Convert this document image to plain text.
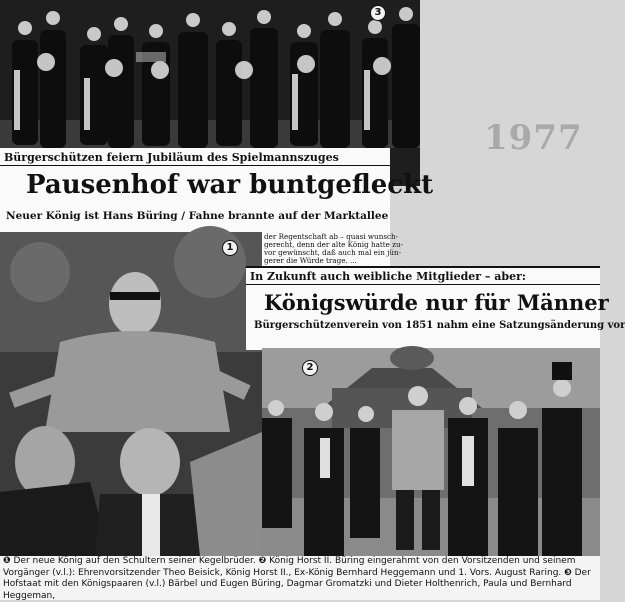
3
1977
Bürgerschützen feiern Jubiläum des Spielmannszuges
Pausenhof war buntgefleckt
Neuer König ist Hans Büring / Fahne brannte auf der Marktallee
1
der Regentschaft ab – quasi wunsch-
gerecht, denn der alte König hatte zu-
vor gewünscht, daß auch mal ein jün-
gerer die Würde trage. ...
In Zukunft auch weibliche Mitglieder – aber:
Königswürde nur für Männer
Bürgerschützenverein von 1851 nahm eine Satzungsänderung vor
2
❶ Der neue König auf den Schultern seiner Kegelbrüder. ❷ König Horst II. Büring eingerahmt von den Vorsitzenden und seinem Vorgänger (v.l.): Ehrenvorsitzender Theo Beisick, König Horst II., Ex-König Bernhard Heggemann und 1. Vors. August Raring. ❸ Der Hofstaat mit den Königspaaren (v.l.) Bärbel und Eugen Büring, Dagmar Gromatzki und Dieter Holthenrich, Paula und Bernhard Heggeman,
